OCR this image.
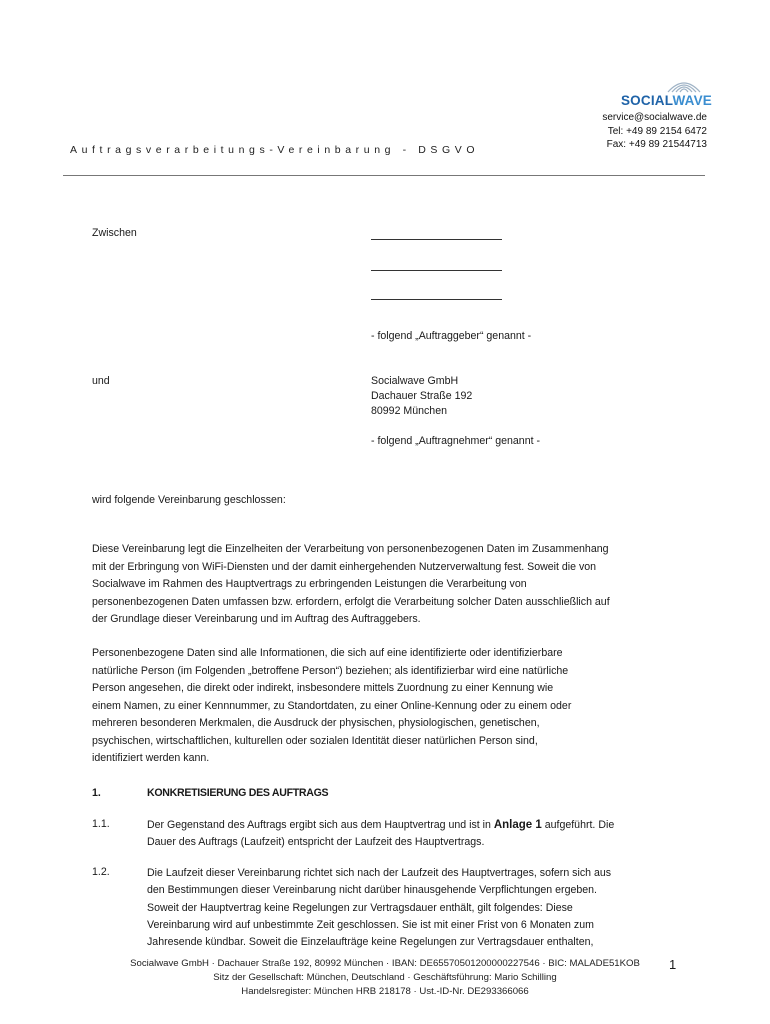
Auftragsverarbeitungs-Vereinbarung - DSGVO
SOCIALWAVE
service@socialwave.de
Tel: +49 89 2154 6472
Fax: +49 89 21544713
Zwischen
- folgend „Auftraggeber“ genannt -
und	Socialwave GmbH
Dachauer Straße 192
80992 München
- folgend „Auftragnehmer“ genannt -
wird folgende Vereinbarung geschlossen:
Diese Vereinbarung legt die Einzelheiten der Verarbeitung von personenbezogenen Daten im Zusammenhang
mit der Erbringung von WiFi-Diensten und der damit einhergehenden Nutzerverwaltung fest. Soweit die von
Socialwave im Rahmen des Hauptvertrags zu erbringenden Leistungen die Verarbeitung von
personenbezogenen Daten umfassen bzw. erfordern, erfolgt die Verarbeitung solcher Daten ausschließlich auf
der Grundlage dieser Vereinbarung und im Auftrag des Auftraggebers.
Personenbezogene Daten sind alle Informationen, die sich auf eine identifizierte oder identifizierbare
natürliche Person (im Folgenden „betroffene Person“) beziehen; als identifizierbar wird eine natürliche
Person angesehen, die direkt oder indirekt, insbesondere mittels Zuordnung zu einer Kennung wie
einem Namen, zu einer Kennnummer, zu Standortdaten, zu einer Online-Kennung oder zu einem oder
mehreren besonderen Merkmalen, die Ausdruck der physischen, physiologischen, genetischen,
psychischen, wirtschaftlichen, kulturellen oder sozialen Identität dieser natürlichen Person sind,
identifiziert werden kann.
1.	KONKRETISIERUNG DES AUFTRAGS
1.1.	Der Gegenstand des Auftrags ergibt sich aus dem Hauptvertrag und ist in Anlage 1 aufgeführt. Die
Dauer des Auftrags (Laufzeit) entspricht der Laufzeit des Hauptvertrags.
1.2.	Die Laufzeit dieser Vereinbarung richtet sich nach der Laufzeit des Hauptvertrages, sofern sich aus
den Bestimmungen dieser Vereinbarung nicht darüber hinausgehende Verpflichtungen ergeben.
Soweit der Hauptvertrag keine Regelungen zur Vertragsdauer enthält, gilt folgendes: Diese
Vereinbarung wird auf unbestimmte Zeit geschlossen. Sie ist mit einer Frist von 6 Monaten zum
Jahresende kündbar. Soweit die Einzelaufträge keine Regelungen zur Vertragsdauer enthalten,
Socialwave GmbH · Dachauer Straße 192, 80992 München · IBAN: DE65570501200000227546 · BIC: MALADE51KOB
Sitz der Gesellschaft: München, Deutschland · Geschäftsführung: Mario Schilling
Handelsregister: München HRB 218178 · Ust.-ID-Nr. DE293366066
1
